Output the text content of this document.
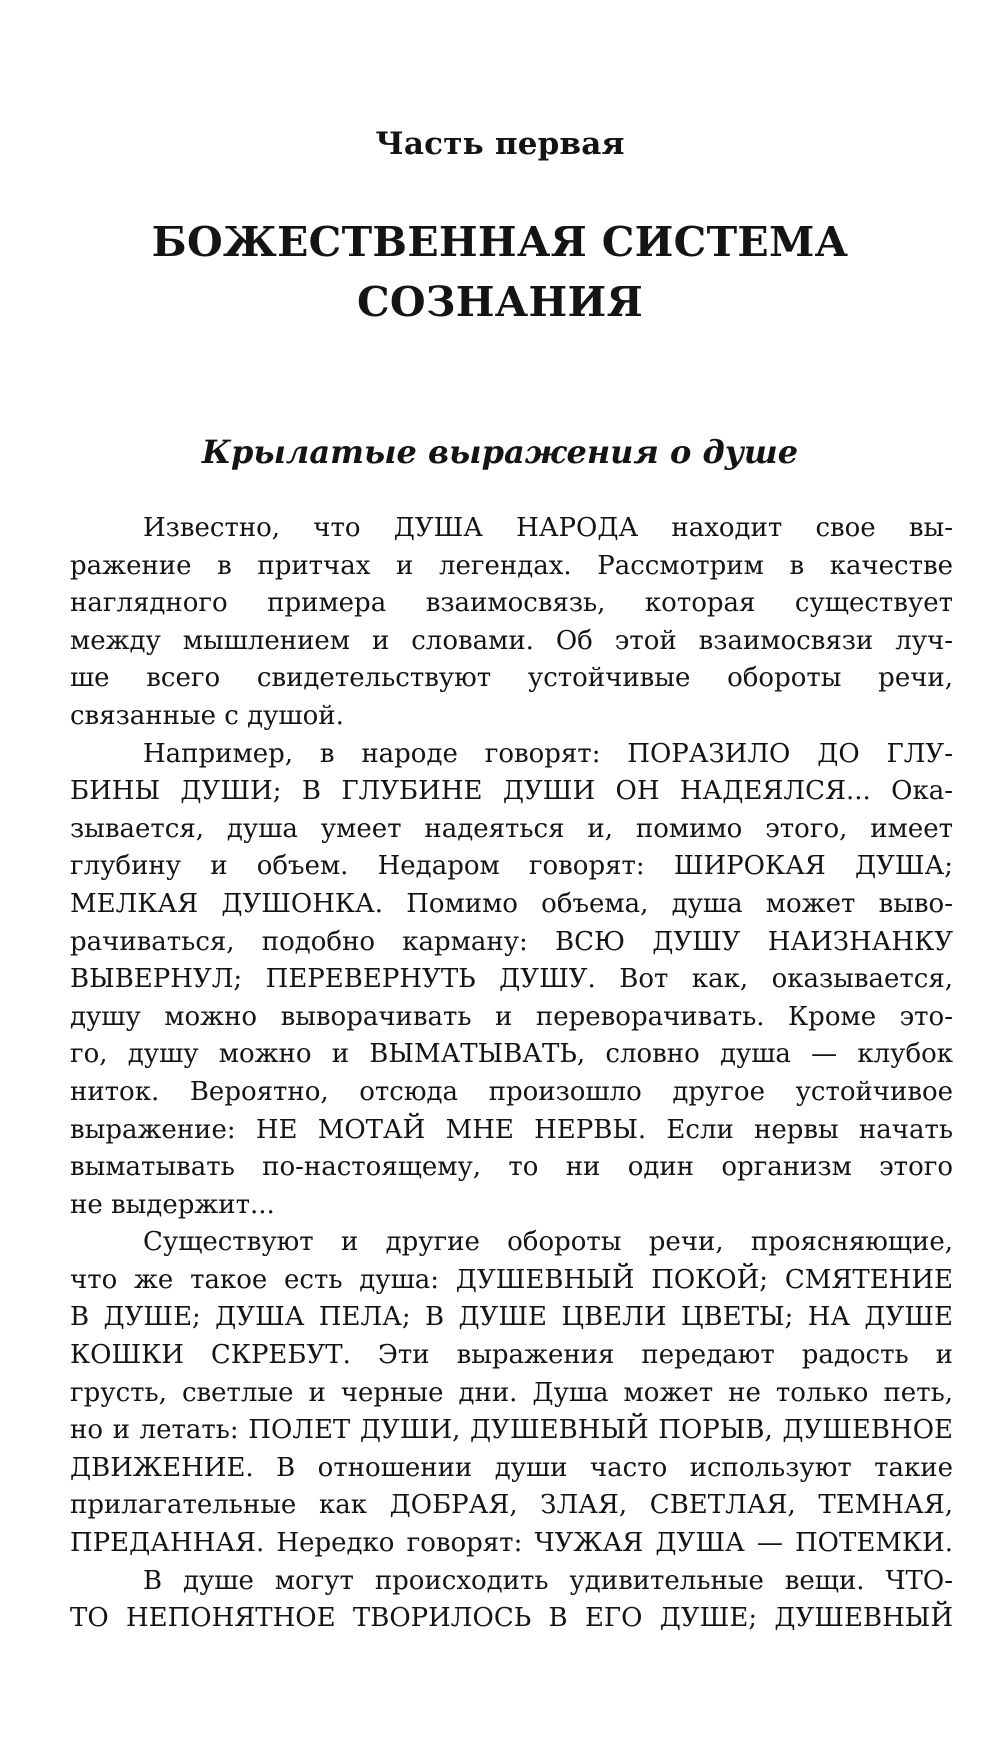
Часть первая
БОЖЕСТВЕННАЯ СИСТЕМА
СОЗНАНИЯ
Крылатые выражения о душе
Известно, что ДУША НАРОДА находит свое вы-
ражение в притчах и легендах. Рассмотрим в качестве
наглядного примера взаимосвязь, которая существует
между мышлением и словами. Об этой взаимосвязи луч-
ше всего свидетельствуют устойчивые обороты речи,
связанные с душой.
Например, в народе говорят: ПОРАЗИЛО ДО ГЛУ-
БИНЫ ДУШИ; В ГЛУБИНЕ ДУШИ ОН НАДЕЯЛСЯ... Ока-
зывается, душа умеет надеяться и, помимо этого, имеет
глубину и объем. Недаром говорят: ШИРОКАЯ ДУША;
МЕЛКАЯ ДУШОНКА. Помимо объема, душа может выво-
рачиваться, подобно карману: ВСЮ ДУШУ НАИЗНАНКУ
ВЫВЕРНУЛ; ПЕРЕВЕРНУТЬ ДУШУ. Вот как, оказывается,
душу можно выворачивать и переворачивать. Кроме это-
го, душу можно и ВЫМАТЫВАТЬ, словно душа — клубок
ниток. Вероятно, отсюда произошло другое устойчивое
выражение: НЕ МОТАЙ МНЕ НЕРВЫ. Если нервы начать
выматывать по-настоящему, то ни один организм этого
не выдержит...
Существуют и другие обороты речи, проясняющие,
что же такое есть душа: ДУШЕВНЫЙ ПОКОЙ; СМЯТЕНИЕ
В ДУШЕ; ДУША ПЕЛА; В ДУШЕ ЦВЕЛИ ЦВЕТЫ; НА ДУШЕ
КОШКИ СКРЕБУТ. Эти выражения передают радость и
грусть, светлые и черные дни. Душа может не только петь,
но и летать: ПОЛЕТ ДУШИ, ДУШЕВНЫЙ ПОРЫВ, ДУШЕВНОЕ
ДВИЖЕНИЕ. В отношении души часто используют такие
прилагательные как ДОБРАЯ, ЗЛАЯ, СВЕТЛАЯ, ТЕМНАЯ,
ПРЕДАННАЯ. Нередко говорят: ЧУЖАЯ ДУША — ПОТЕМКИ.
В душе могут происходить удивительные вещи. ЧТО-
ТО НЕПОНЯТНОЕ ТВОРИЛОСЬ В ЕГО ДУШЕ; ДУШЕВНЫЙ
